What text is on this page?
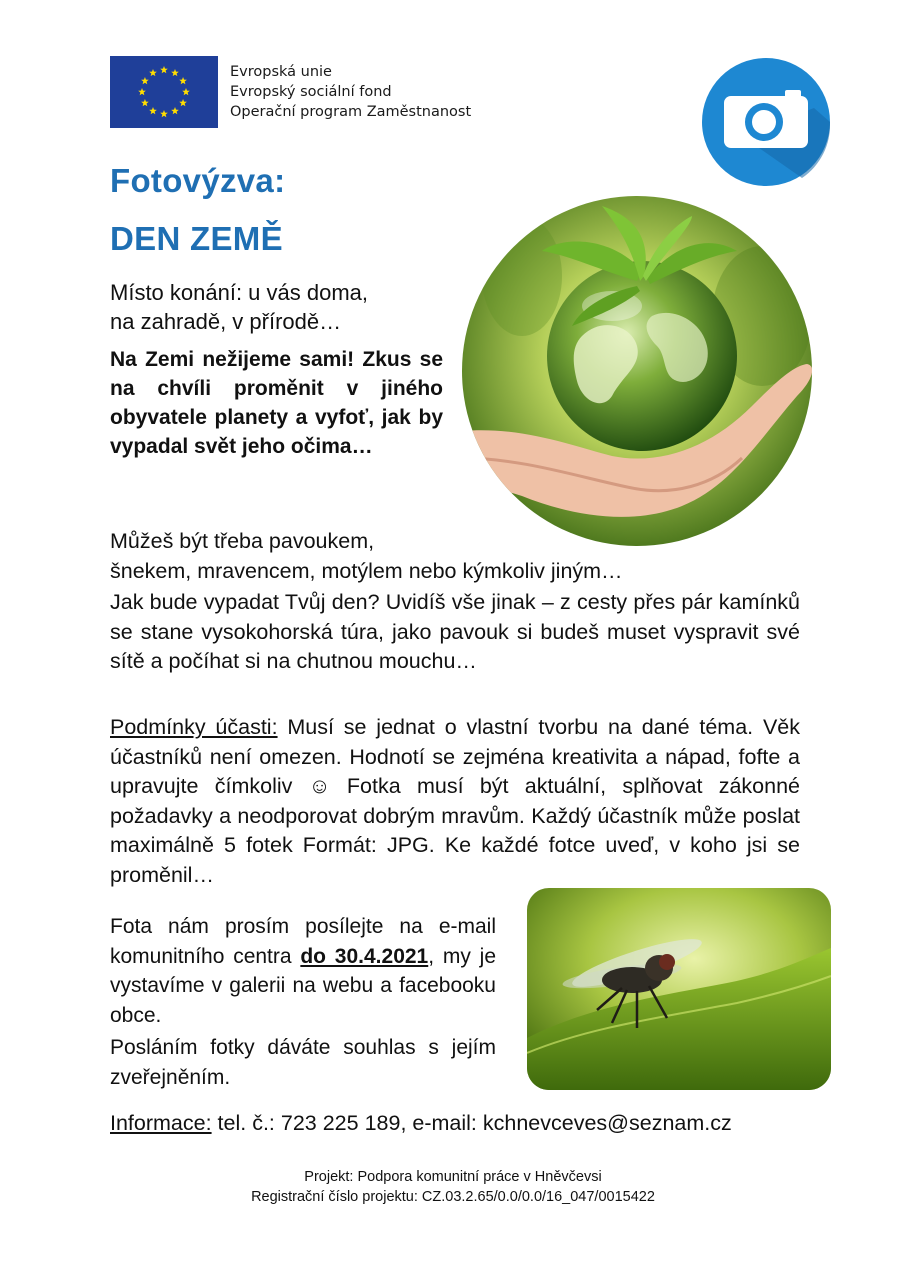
Evropská unie
Evropský sociální fond
Operační program Zaměstnanost
Fotovýzva:
DEN ZEMĚ
Místo konání: u vás doma,
na zahradě, v přírodě…
Na Zemi nežijeme sami! Zkus se na chvíli proměnit v jiného obyvatele planety a vyfoť, jak by vypadal svět jeho očima…
Můžeš být třeba pavoukem,
šnekem, mravencem, motýlem nebo kýmkoliv jiným…
Jak bude vypadat Tvůj den? Uvidíš vše jinak – z cesty přes pár kamínků se stane vysokohorská túra, jako pavouk si budeš muset vyspravit své sítě a počíhat si na chutnou mouchu…
Podmínky účasti: Musí se jednat o vlastní tvorbu na dané téma. Věk účastníků není omezen. Hodnotí se zejména kreativita a nápad, fofte a upravujte čímkoliv ☺ Fotka musí být aktuální, splňovat zákonné požadavky a neodporovat dobrým mravům. Každý účastník může poslat maximálně 5 fotek Formát: JPG. Ke každé fotce uveď, v koho jsi se proměnil…
Fota nám prosím posílejte na e-mail komunitního centra do 30.4.2021, my je vystavíme v galerii na webu a facebooku obce.
Posláním fotky dáváte souhlas s jejím zveřejněním.
Informace: tel. č.: 723 225 189, e-mail: kchnevceves@seznam.cz
Projekt: Podpora komunitní práce v Hněvčevsi
Registrační číslo projektu: CZ.03.2.65/0.0/0.0/16_047/0015422
